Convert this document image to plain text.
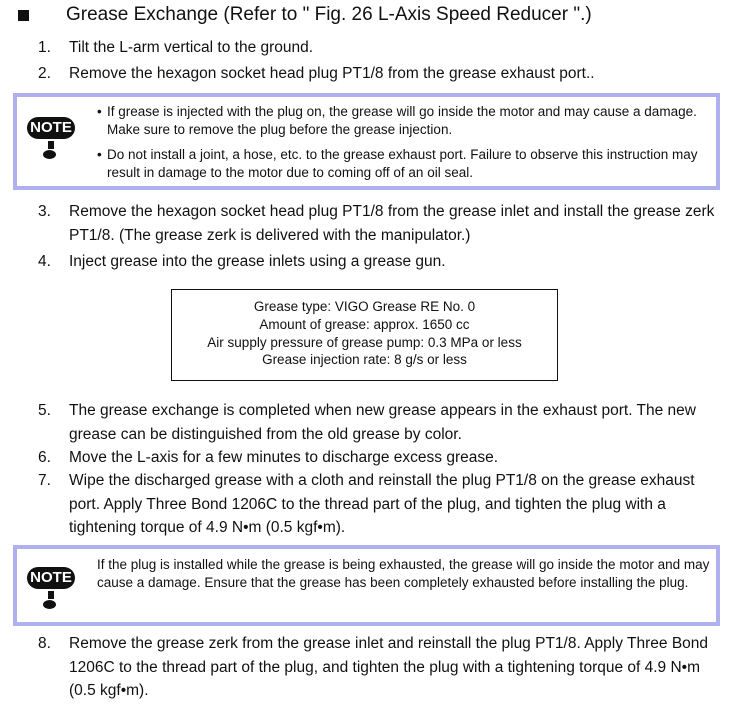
Grease Exchange (Refer to " Fig. 26 L-Axis Speed Reducer ".)
1.	Tilt the L-arm vertical to the ground.
2.	Remove the hexagon socket head plug PT1/8 from the grease exhaust port..
NOTE
• If grease is injected with the plug on, the grease will go inside the motor and may cause a damage. Make sure to remove the plug before the grease injection.
• Do not install a joint, a hose, etc. to the grease exhaust port. Failure to observe this instruction may result in damage to the motor due to coming off of an oil seal.
3.	Remove the hexagon socket head plug PT1/8 from the grease inlet and install the grease zerk PT1/8. (The grease zerk is delivered with the manipulator.)
4.	Inject grease into the grease inlets using a grease gun.
Grease type: VIGO Grease RE No. 0
Amount of grease: approx. 1650 cc
Air supply pressure of grease pump: 0.3 MPa or less
Grease injection rate: 8 g/s or less
5.	The grease exchange is completed when new grease appears in the exhaust port. The new grease can be distinguished from the old grease by color.
6.	Move the L-axis for a few minutes to discharge excess grease.
7.	Wipe the discharged grease with a cloth and reinstall the plug PT1/8 on the grease exhaust port. Apply Three Bond 1206C to the thread part of the plug, and tighten the plug with a tightening torque of 4.9 N•m (0.5 kgf•m).
NOTE
If the plug is installed while the grease is being exhausted, the grease will go inside the motor and may cause a damage. Ensure that the grease has been completely exhausted before installing the plug.
8.	Remove the grease zerk from the grease inlet and reinstall the plug PT1/8. Apply Three Bond 1206C to the thread part of the plug, and tighten the plug with a tightening torque of 4.9 N•m (0.5 kgf•m).
